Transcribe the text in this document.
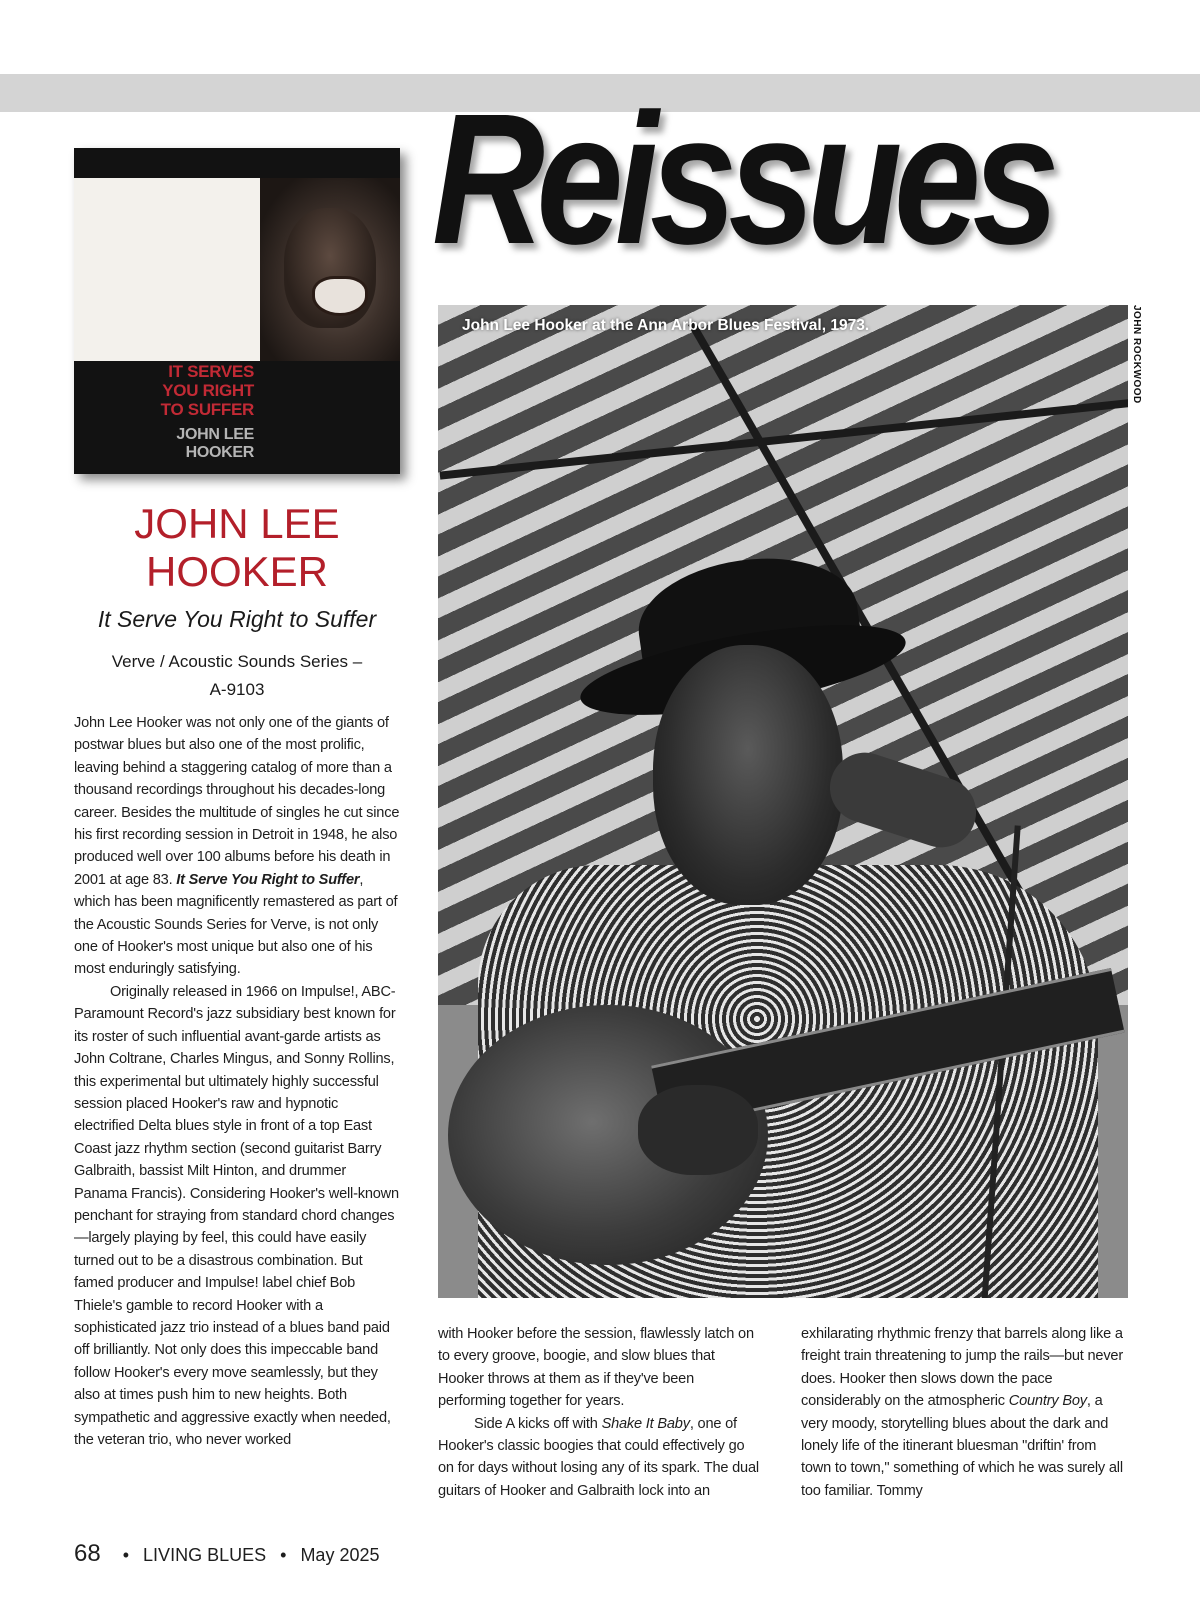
Reissues
IT SERVES
YOU RIGHT
TO SUFFER
JOHN LEE
HOOKER
JOHN LEE
HOOKER
It Serve You Right to Suffer
Verve / Acoustic Sounds Series –
A-9103

John Lee Hooker was not only one of the giants of postwar blues but also one of the most prolific, leaving behind a staggering catalog of more than a thousand recordings throughout his decades-long career. Besides the multitude of singles he cut since his first recording session in Detroit in 1948, he also produced well over 100 albums before his death in 2001 at age 83. It Serve You Right to Suffer, which has been magnificently remastered as part of the Acoustic Sounds Series for Verve, is not only one of Hooker's most unique but also one of his most enduringly satisfying.

Originally released in 1966 on Impulse!, ABC-Paramount Record's jazz subsidiary best known for its roster of such influential avant-garde artists as John Coltrane, Charles Mingus, and Sonny Rollins, this experimental but ultimately highly successful session placed Hooker's raw and hypnotic electrified Delta blues style in front of a top East Coast jazz rhythm section (second guitarist Barry Galbraith, bassist Milt Hinton, and drummer Panama Francis). Considering Hooker's well-known penchant for straying from standard chord changes—largely playing by feel, this could have easily turned out to be a disastrous combination. But famed producer and Impulse! label chief Bob Thiele's gamble to record Hooker with a sophisticated jazz trio instead of a blues band paid off brilliantly. Not only does this impeccable band follow Hooker's every move seamlessly, but they also at times push him to new heights. Both sympathetic and aggressive exactly when needed, the veteran trio, who never worked

John Lee Hooker at the Ann Arbor Blues Festival, 1973.	JOHN ROCKWOOD

with Hooker before the session, flawlessly latch on to every groove, boogie, and slow blues that Hooker throws at them as if they've been performing together for years.

Side A kicks off with Shake It Baby, one of Hooker's classic boogies that could effectively go on for days without losing any of its spark. The dual guitars of Hooker and Galbraith lock into an

exhilarating rhythmic frenzy that barrels along like a freight train threatening to jump the rails—but never does. Hooker then slows down the pace considerably on the atmospheric Country Boy, a very moody, storytelling blues about the dark and lonely life of the itinerant bluesman "driftin' from town to town," something of which he was surely all too familiar. Tommy

68 • LIVING BLUES • May 2025
